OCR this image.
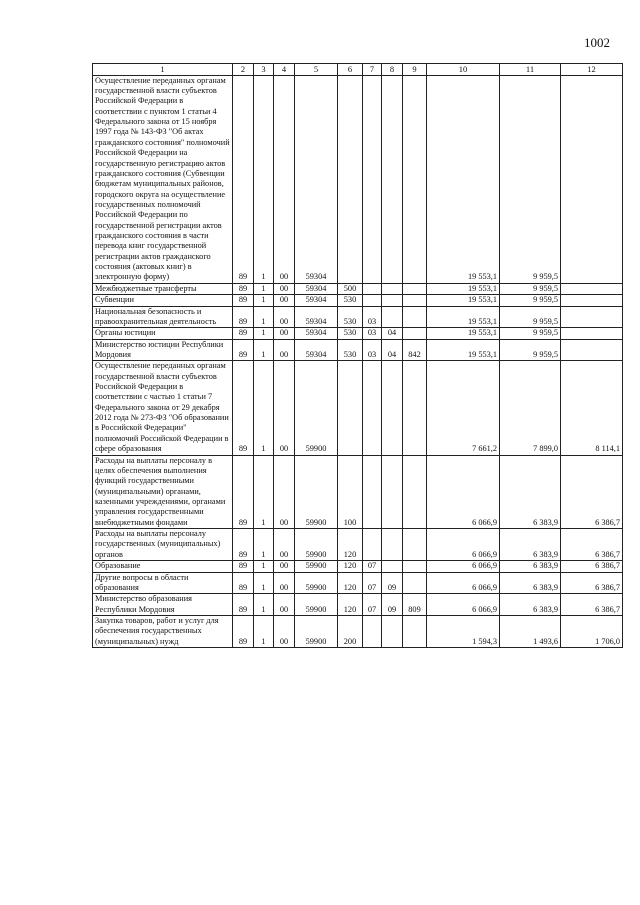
1002
1	2	3	4	5	6	7	8	9	10	11	12
Осуществление переданных органам государственной власти субъектов Российской Федерации в соответствии с пунктом 1 статьи 4 Федерального закона от 15 ноября 1997 года № 143-ФЗ "Об актах гражданского состояния" полномочий Российской Федерации на государственную регистрацию актов гражданского состояния (Субвенции бюджетам муниципальных районов, городского округа на осуществление государственных полномочий Российской Федерации по государственной регистрации актов гражданского состояния в части перевода книг государственной регистрации актов гражданского состояния (актовых книг) в электронную форму)	89	1	00	59304					19 553,1	9 959,5	
Межбюджетные трансферты	89	1	00	59304	500				19 553,1	9 959,5	
Субвенции	89	1	00	59304	530				19 553,1	9 959,5	
Национальная безопасность и правоохранительная деятельность	89	1	00	59304	530	03			19 553,1	9 959,5	
Органы юстиции	89	1	00	59304	530	03	04		19 553,1	9 959,5	
Министерство юстиции Республики Мордовия	89	1	00	59304	530	03	04	842	19 553,1	9 959,5	
Осуществление переданных органам государственной власти субъектов Российской Федерации в соответствии с частью 1 статьи 7 Федерального закона от 29 декабря 2012 года № 273-ФЗ "Об образовании в Российской Федерации" полномочий Российской Федерации в сфере образования	89	1	00	59900					7 661,2	7 899,0	8 114,1
Расходы на выплаты персоналу в целях обеспечения выполнения функций государственными (муниципальными) органами, казенными учреждениями, органами управления государственными внебюджетными фондами	89	1	00	59900	100				6 066,9	6 383,9	6 386,7
Расходы на выплаты персоналу государственных (муниципальных) органов	89	1	00	59900	120				6 066,9	6 383,9	6 386,7
Образование	89	1	00	59900	120	07			6 066,9	6 383,9	6 386,7
Другие вопросы в области образования	89	1	00	59900	120	07	09		6 066,9	6 383,9	6 386,7
Министерство образования Республики Мордовия	89	1	00	59900	120	07	09	809	6 066,9	6 383,9	6 386,7
Закупка товаров, работ и услуг для обеспечения государственных (муниципальных) нужд	89	1	00	59900	200				1 594,3	1 493,6	1 706,0
